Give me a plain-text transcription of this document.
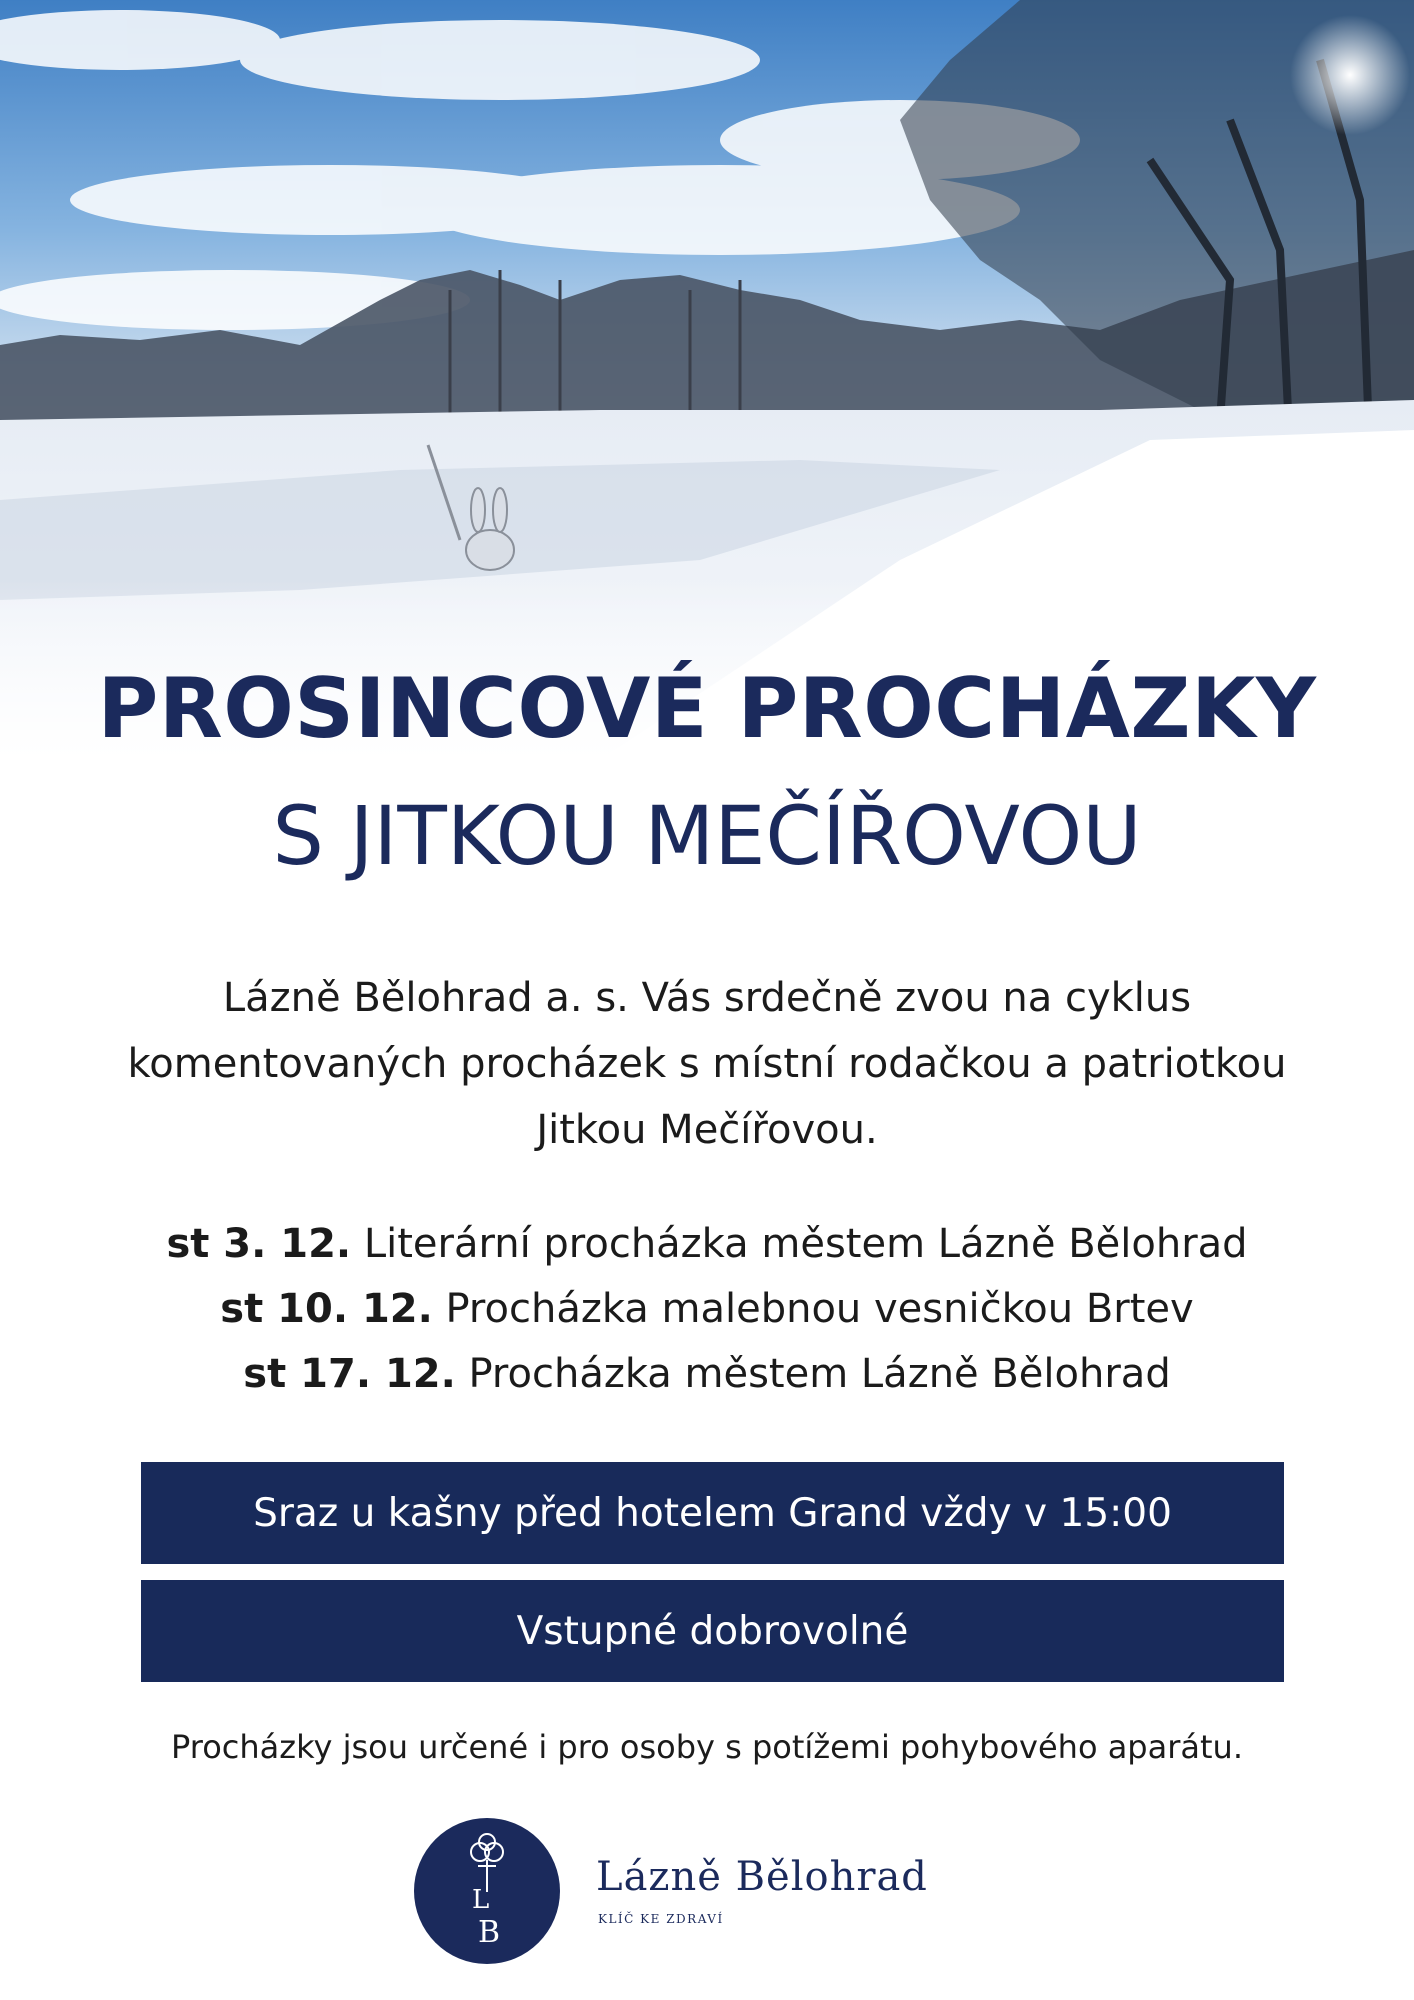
PROSINCOVÉ PROCHÁZKY
S JITKOU MEČÍŘOVOU

Lázně Bělohrad a. s. Vás srdečně zvou na cyklus

komentovaných procházek s místní rodačkou a patriotkou

Jitkou Mečířovou.

st 3. 12. Literární procházka městem Lázně Bělohrad
st 10. 12. Procházka malebnou vesničkou Brtev
st 17. 12. Procházka městem Lázně Bělohrad
Sraz u kašny před hotelem Grand vždy v 15:00
Vstupné dobrovolné
Procházky jsou určené i pro osoby s potížemi pohybového aparátu.
L
B
Lázně Bělohrad
KLÍČ KE ZDRAVÍ
